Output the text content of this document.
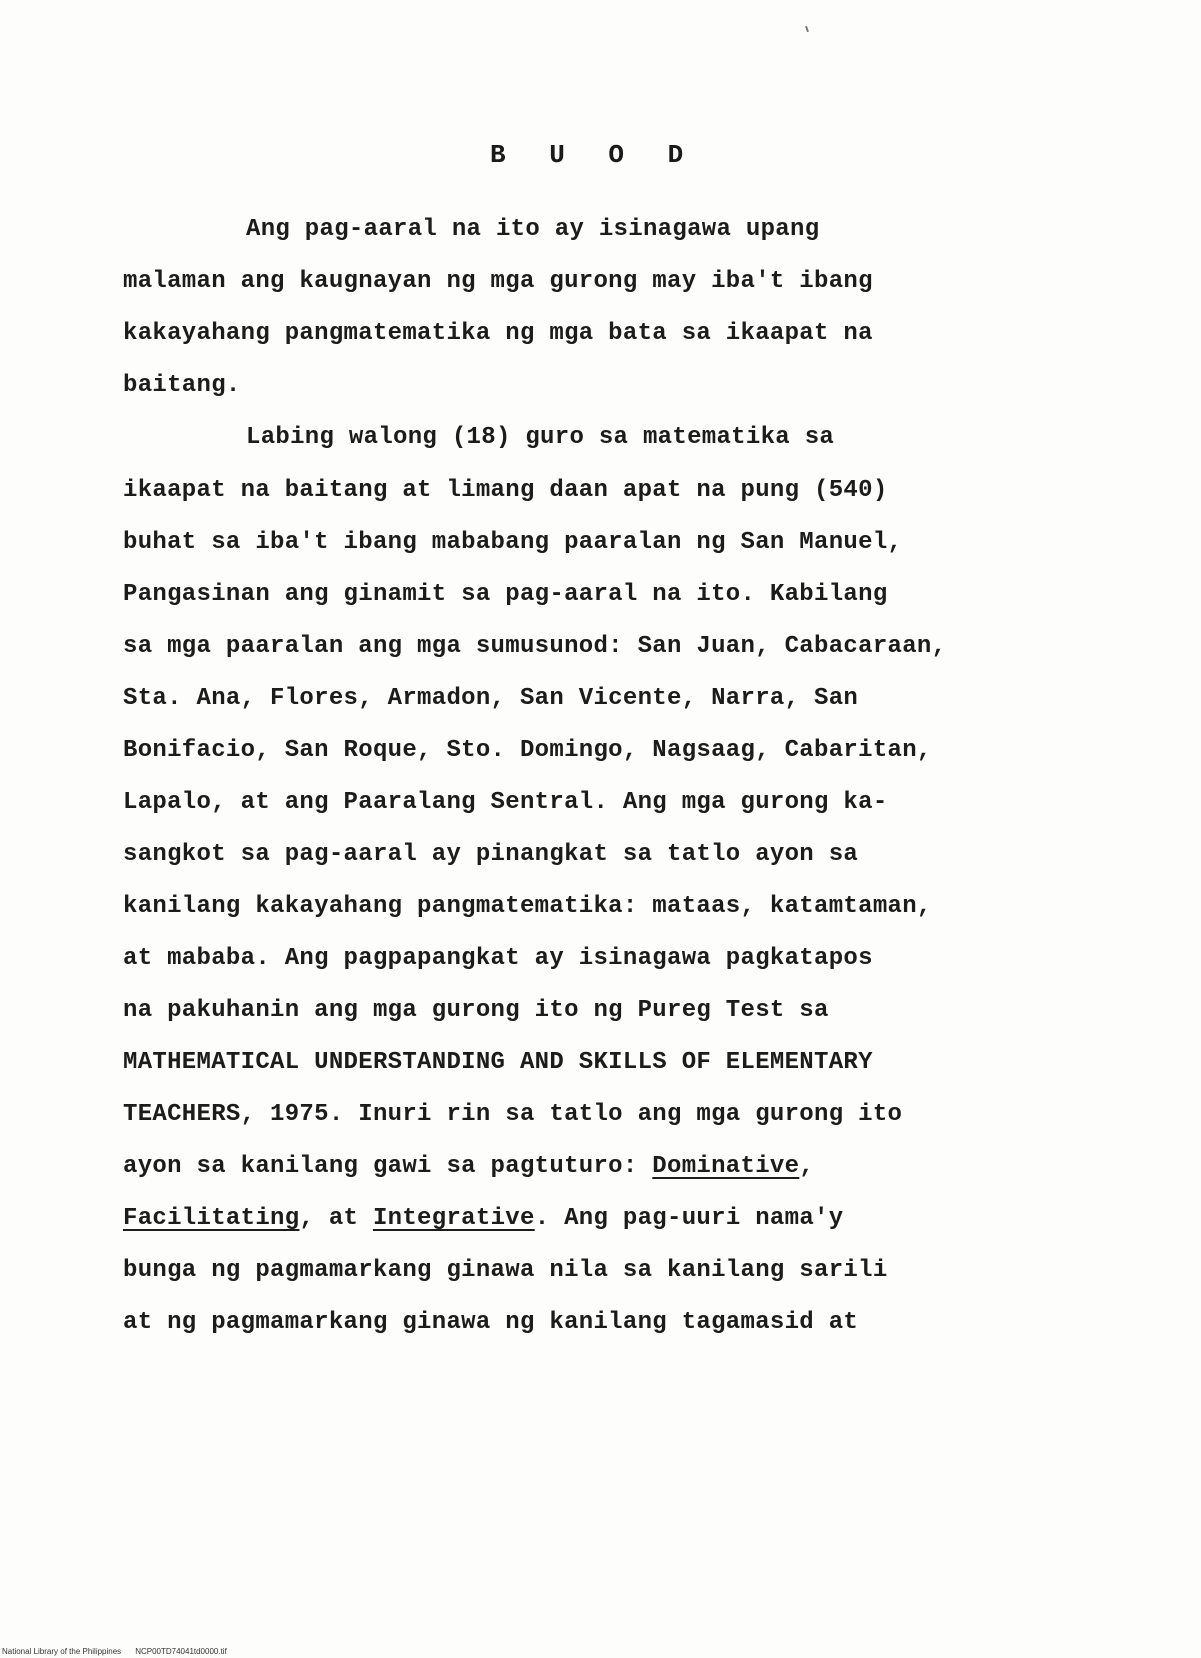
B U O D
Ang pag-aaral na ito ay isinagawa upang
malaman ang kaugnayan ng mga gurong may iba't ibang
kakayahang pangmatematika ng mga bata sa ikaapat na
baitang.
Labing walong (18) guro sa matematika sa
ikaapat na baitang at limang daan apat na pung (540)
buhat sa iba't ibang mababang paaralan ng San Manuel,
Pangasinan ang ginamit sa pag-aaral na ito. Kabilang
sa mga paaralan ang mga sumusunod: San Juan, Cabacaraan,
Sta. Ana, Flores, Armadon, San Vicente, Narra, San
Bonifacio, San Roque, Sto. Domingo, Nagsaag, Cabaritan,
Lapalo, at ang Paaralang Sentral. Ang mga gurong ka-
sangkot sa pag-aaral ay pinangkat sa tatlo ayon sa
kanilang kakayahang pangmatematika: mataas, katamtaman,
at mababa. Ang pagpapangkat ay isinagawa pagkatapos
na pakuhanin ang mga gurong ito ng Pureg Test sa
MATHEMATICAL UNDERSTANDING AND SKILLS OF ELEMENTARY
TEACHERS, 1975. Inuri rin sa tatlo ang mga gurong ito
ayon sa kanilang gawi sa pagtuturo: Dominative,
Facilitating, at Integrative. Ang pag-uuri nama'y
bunga ng pagmamarkang ginawa nila sa kanilang sarili
at ng pagmamarkang ginawa ng kanilang tagamasid at
National Library of the Philippines NCP00TD74041td0000.tif
